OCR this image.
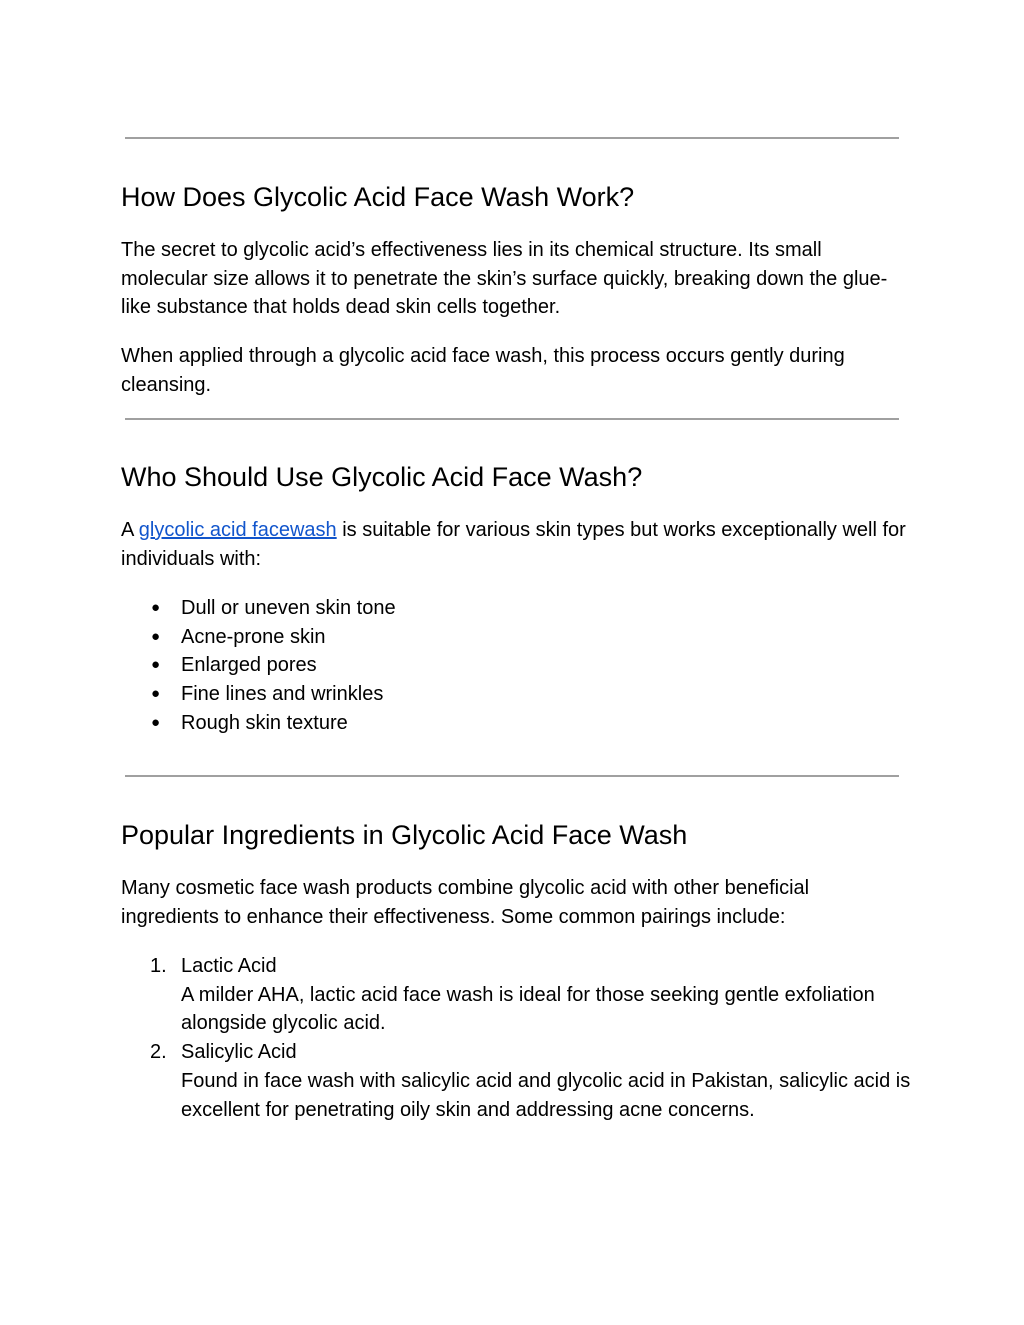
How Does Glycolic Acid Face Wash Work?

The secret to glycolic acid’s effectiveness lies in its chemical structure. Its small molecular size allows it to penetrate the skin’s surface quickly, breaking down the glue-like substance that holds dead skin cells together.

When applied through a glycolic acid face wash, this process occurs gently during cleansing.

Who Should Use Glycolic Acid Face Wash?

A glycolic acid facewash is suitable for various skin types but works exceptionally well for individuals with:

● Dull or uneven skin tone
● Acne-prone skin
● Enlarged pores
● Fine lines and wrinkles
● Rough skin texture
Popular Ingredients in Glycolic Acid Face Wash

Many cosmetic face wash products combine glycolic acid with other beneficial ingredients to enhance their effectiveness. Some common pairings include:

1. Lactic Acid
A milder AHA, lactic acid face wash is ideal for those seeking gentle exfoliation alongside glycolic acid.
2. Salicylic Acid
Found in face wash with salicylic acid and glycolic acid in Pakistan, salicylic acid is excellent for penetrating oily skin and addressing acne concerns.
